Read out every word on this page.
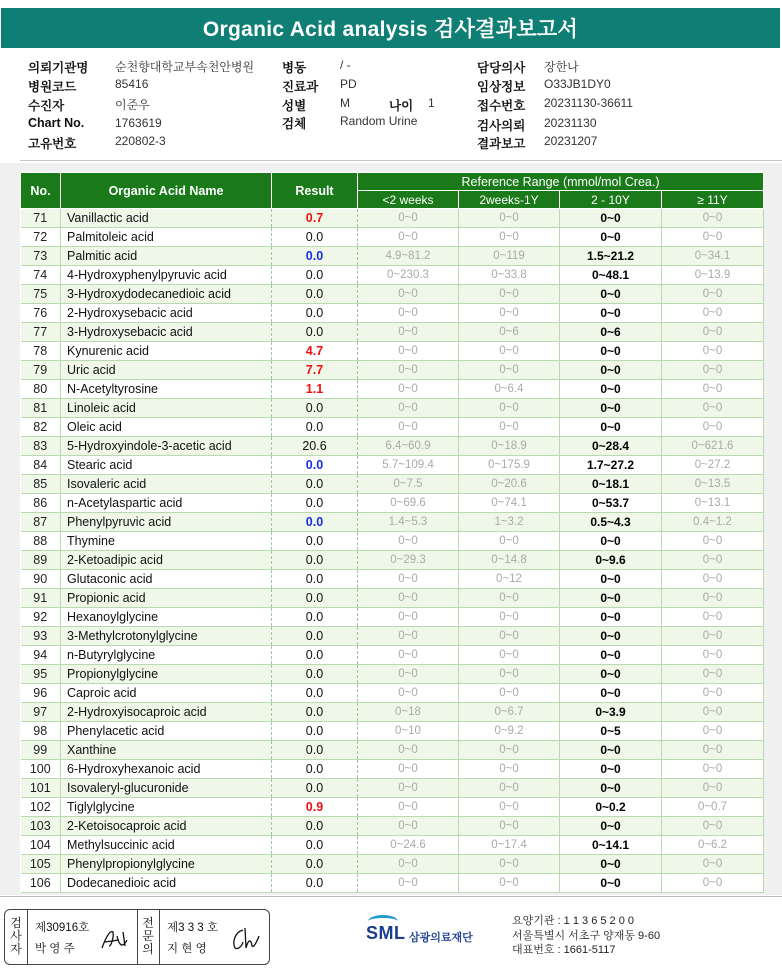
Organic Acid analysis 검사결과보고서
의뢰기관명 순천향대학교부속천안병원
병원코드	85416
수진자	이준우
Chart No.	1763619
고유번호	220802-3
병동	/ -
진료과 PD
성별	M	나이 1
검체	Random Urine
담당의사 장한나
임상정보 O33JB1DY0
접수번호 20231130-36611
검사의뢰 20231130
결과보고 20231207
No.	Organic Acid Name	Result	Reference Range (mmol/mol Crea.)			
			<2 weeks	2weeks-1Y	2 - 10Y	≥ 11Y
71	Vanillactic acid	0.7	0~0	0~0	0~0	0~0
72	Palmitoleic acid	0.0	0~0	0~0	0~0	0~0
73	Palmitic acid	0.0	4.9~81.2	0~119	1.5~21.2	0~34.1
74	4-Hydroxyphenylpyruvic acid	0.0	0~230.3	0~33.8	0~48.1	0~13.9
75	3-Hydroxydodecanedioic acid	0.0	0~0	0~0	0~0	0~0
76	2-Hydroxysebacic acid	0.0	0~0	0~0	0~0	0~0
77	3-Hydroxysebacic acid	0.0	0~0	0~6	0~6	0~0
78	Kynurenic acid	4.7	0~0	0~0	0~0	0~0
79	Uric acid	7.7	0~0	0~0	0~0	0~0
80	N-Acetyltyrosine	1.1	0~0	0~6.4	0~0	0~0
81	Linoleic acid	0.0	0~0	0~0	0~0	0~0
82	Oleic acid	0.0	0~0	0~0	0~0	0~0
83	5-Hydroxyindole-3-acetic acid	20.6	6.4~60.9	0~18.9	0~28.4	0~621.6
84	Stearic acid	0.0	5.7~109.4	0~175.9	1.7~27.2	0~27.2
85	Isovaleric acid	0.0	0~7.5	0~20.6	0~18.1	0~13.5
86	n-Acetylaspartic acid	0.0	0~69.6	0~74.1	0~53.7	0~13.1
87	Phenylpyruvic acid	0.0	1.4~5.3	1~3.2	0.5~4.3	0.4~1.2
88	Thymine	0.0	0~0	0~0	0~0	0~0
89	2-Ketoadipic acid	0.0	0~29.3	0~14.8	0~9.6	0~0
90	Glutaconic acid	0.0	0~0	0~12	0~0	0~0
91	Propionic acid	0.0	0~0	0~0	0~0	0~0
92	Hexanoylglycine	0.0	0~0	0~0	0~0	0~0
93	3-Methylcrotonylglycine	0.0	0~0	0~0	0~0	0~0
94	n-Butyrylglycine	0.0	0~0	0~0	0~0	0~0
95	Propionylglycine	0.0	0~0	0~0	0~0	0~0
96	Caproic acid	0.0	0~0	0~0	0~0	0~0
97	2-Hydroxyisocaproic acid	0.0	0~18	0~6.7	0~3.9	0~0
98	Phenylacetic acid	0.0	0~10	0~9.2	0~5	0~0
99	Xanthine	0.0	0~0	0~0	0~0	0~0
100	6-Hydroxyhexanoic acid	0.0	0~0	0~0	0~0	0~0
101	Isovaleryl-glucuronide	0.0	0~0	0~0	0~0	0~0
102	Tiglylglycine	0.9	0~0	0~0	0~0.2	0~0.7
103	2-Ketoisocaproic acid	0.0	0~0	0~0	0~0	0~0
104	Methylsuccinic acid	0.0	0~24.6	0~17.4	0~14.1	0~6.2
105	Phenylpropionylglycine	0.0	0~0	0~0	0~0	0~0
106	Dodecanedioic acid	0.0	0~0	0~0	0~0	0~0
검사자
제30916호
박 영 주
전문의
제3 3 3 호
지 현 영
SML 삼광의료재단
요양기관 : 1 1 3 6 5 2 0 0
서울특별시 서초구 양재동 9-60
대표번호 : 1661-5117
